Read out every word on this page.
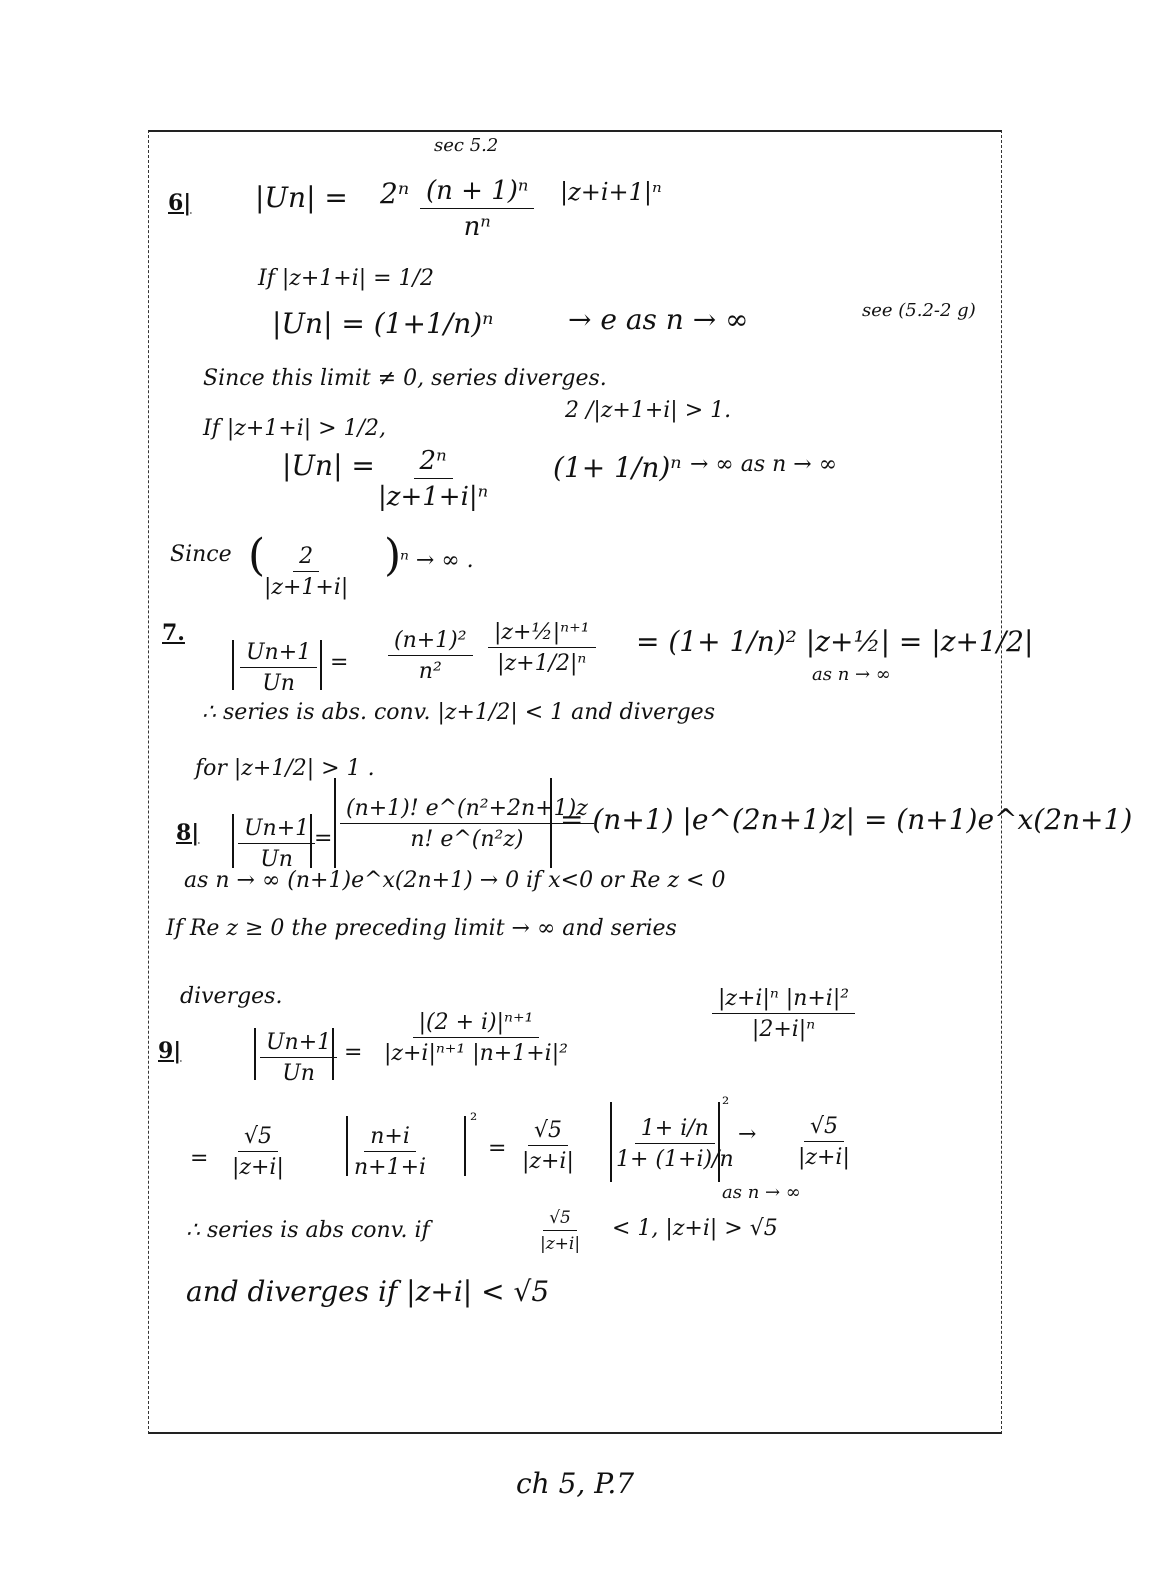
sec 5.2
6| $|Un| = 2^n \frac{\text{(n + 1)ⁿ}}{\text{nⁿ}} |z+i+1|^n$
If |z+1+i| = 1/2
|Un| = (1+1/n)ⁿ	→ e as n → ∞	see (5.2-2 g)
Since this limit ≠ 0, series diverges.
If |z+1+i| > 1/2,
2 /|z+1+i| > 1.
$|Un| = \frac{\text{2ⁿ}}{\text{|z+1+i|ⁿ}} (1+ 1/n)^n$ → ∞ as n → ∞
Since (
$\frac{2}{|z+1+i|}$ )
ⁿ → ∞ .
7.
$\frac{Un+1}{Un} = \frac{\text{(n+1)²}}{\text{n²}} \frac{\text{|z+½|ⁿ⁺¹}}{\text{|z+1/2|ⁿ}} = (1+ 1/n)^2$ |z+½| = |z+1/2|
as n → ∞
∴ series is abs. conv. |z+1/2| < 1 and diverges
for |z+1/2| > 1 .
$8| \frac{Un+1}{Un}$
= $\frac{\text{(n+1)! e\textasciicircum{}(n²+2n+1)z}}{\text{n! e\textasciicircum{}(n²z)}}$
= (n+1) |e^(2n+1)z| = (n+1)e^x(2n+1)
as n → ∞ (n+1)e^x(2n+1) → 0 if x<0 or Re z < 0
If Re z ≥ 0 the preceding limit → ∞ and series
diverges.
9|	$\frac{Un+1}{Un} = \frac{\text{|(2 + i)|ⁿ⁺¹}}{\text{|z+i|ⁿ⁺¹ |n+1+i|²}}$	$\frac{\text{|z+i|ⁿ |n+i|²}}{\text{|2+i|ⁿ}}$
= $\frac{√5}{|z+i|}$	$\frac{n+i}{n+1+i}$
²
= $\frac{√5}{|z+i|} \frac{1+ i/n}{1+ (1+i)/n}$
²
→ $\frac{√5}{|z+i|}$
as n → ∞
∴ series is abs conv. if	$\frac{√5}{|z+i|} < 1$, |z+i| > √5
and diverges if |z+i| < √5
ch 5, P.7
